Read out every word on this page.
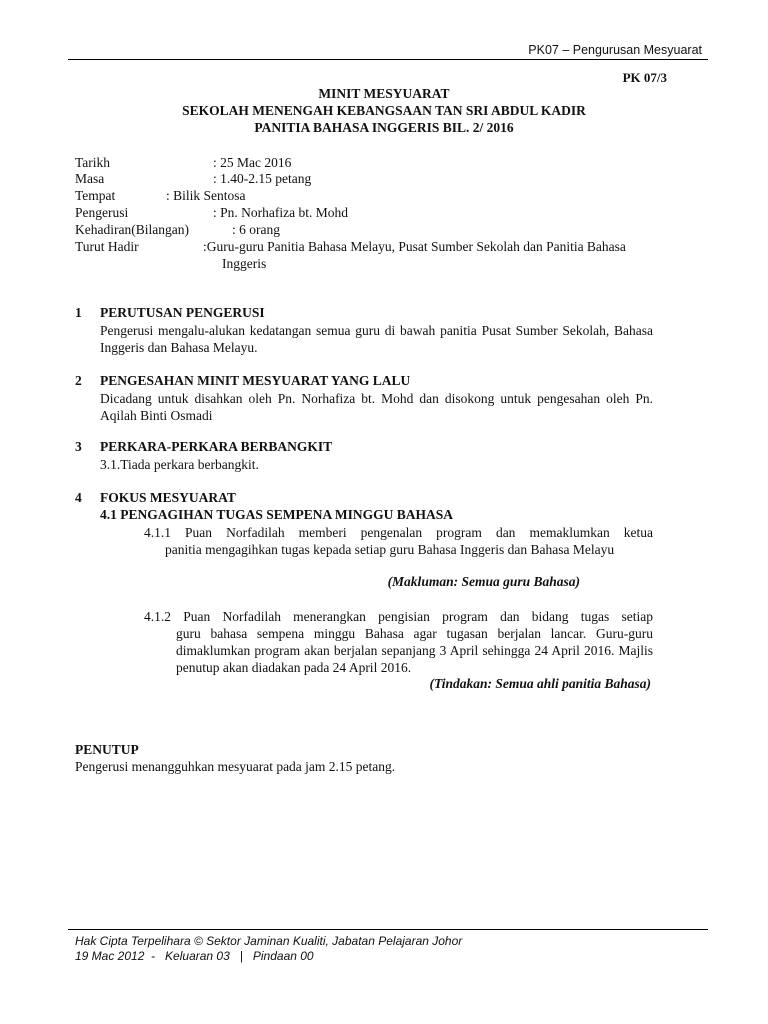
PK07 – Pengurusan Mesyuarat
PK 07/3
MINIT MESYUARAT
SEKOLAH MENENGAH KEBANGSAAN TAN SRI ABDUL KADIR
PANITIA BAHASA INGGERIS BIL. 2/ 2016
Tarikh	: 25 Mac 2016
Masa	: 1.40-2.15 petang
Tempat	: Bilik Sentosa
Pengerusi	: Pn. Norhafiza bt. Mohd
Kehadiran(Bilangan)	: 6 orang
Turut Hadir	:Guru-guru Panitia Bahasa Melayu, Pusat Sumber Sekolah dan Panitia Bahasa
Inggeris
1 PERUTUSAN PENGERUSI
Pengerusi mengalu-alukan kedatangan semua guru di bawah panitia Pusat Sumber Sekolah, Bahasa Inggeris dan Bahasa Melayu.
2 PENGESAHAN MINIT MESYUARAT YANG LALU
Dicadang untuk disahkan oleh Pn. Norhafiza bt. Mohd dan disokong untuk pengesahan oleh Pn. Aqilah Binti Osmadi
3 PERKARA-PERKARA BERBANGKIT
3.1.Tiada perkara berbangkit.
4 FOKUS MESYUARAT
4.1 PENGAGIHAN TUGAS SEMPENA MINGGU BAHASA
4.1.1 Puan Norfadilah memberi pengenalan program dan memaklumkan ketua
panitia mengagihkan tugas kepada setiap guru Bahasa Inggeris dan Bahasa Melayu
(Makluman: Semua guru Bahasa)
4.1.2 Puan Norfadilah menerangkan pengisian program dan bidang tugas setiap
guru bahasa sempena minggu Bahasa agar tugasan berjalan lancar. Guru-guru dimaklumkan program akan berjalan sepanjang 3 April sehingga 24 April 2016. Majlis penutup akan diadakan pada 24 April 2016.
(Tindakan: Semua ahli panitia Bahasa)
PENUTUP
Pengerusi menangguhkan mesyuarat pada jam 2.15 petang.
Hak Cipta Terpelihara © Sektor Jaminan Kualiti, Jabatan Pelajaran Johor
19 Mac 2012  -   Keluaran 03   |   Pindaan 00
